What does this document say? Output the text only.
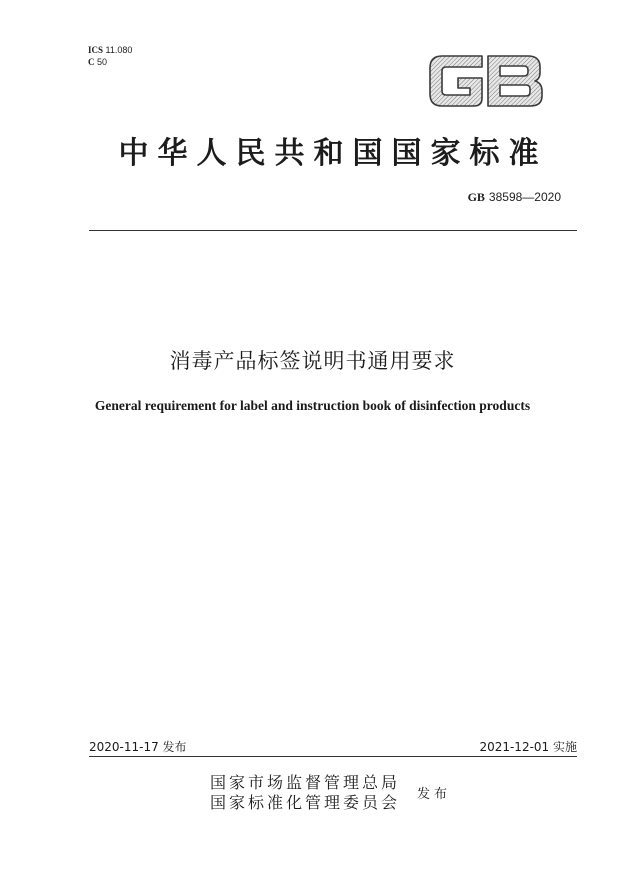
ICS 11.080
C 50
中华人民共和国国家标准
GB 38598—2020
消毒产品标签说明书通用要求
General requirement for label and instruction book of disinfection products
2020-11-17 发布	2021-12-01 实施
国家市场监督管理总局
国家标准化管理委员会 发布
